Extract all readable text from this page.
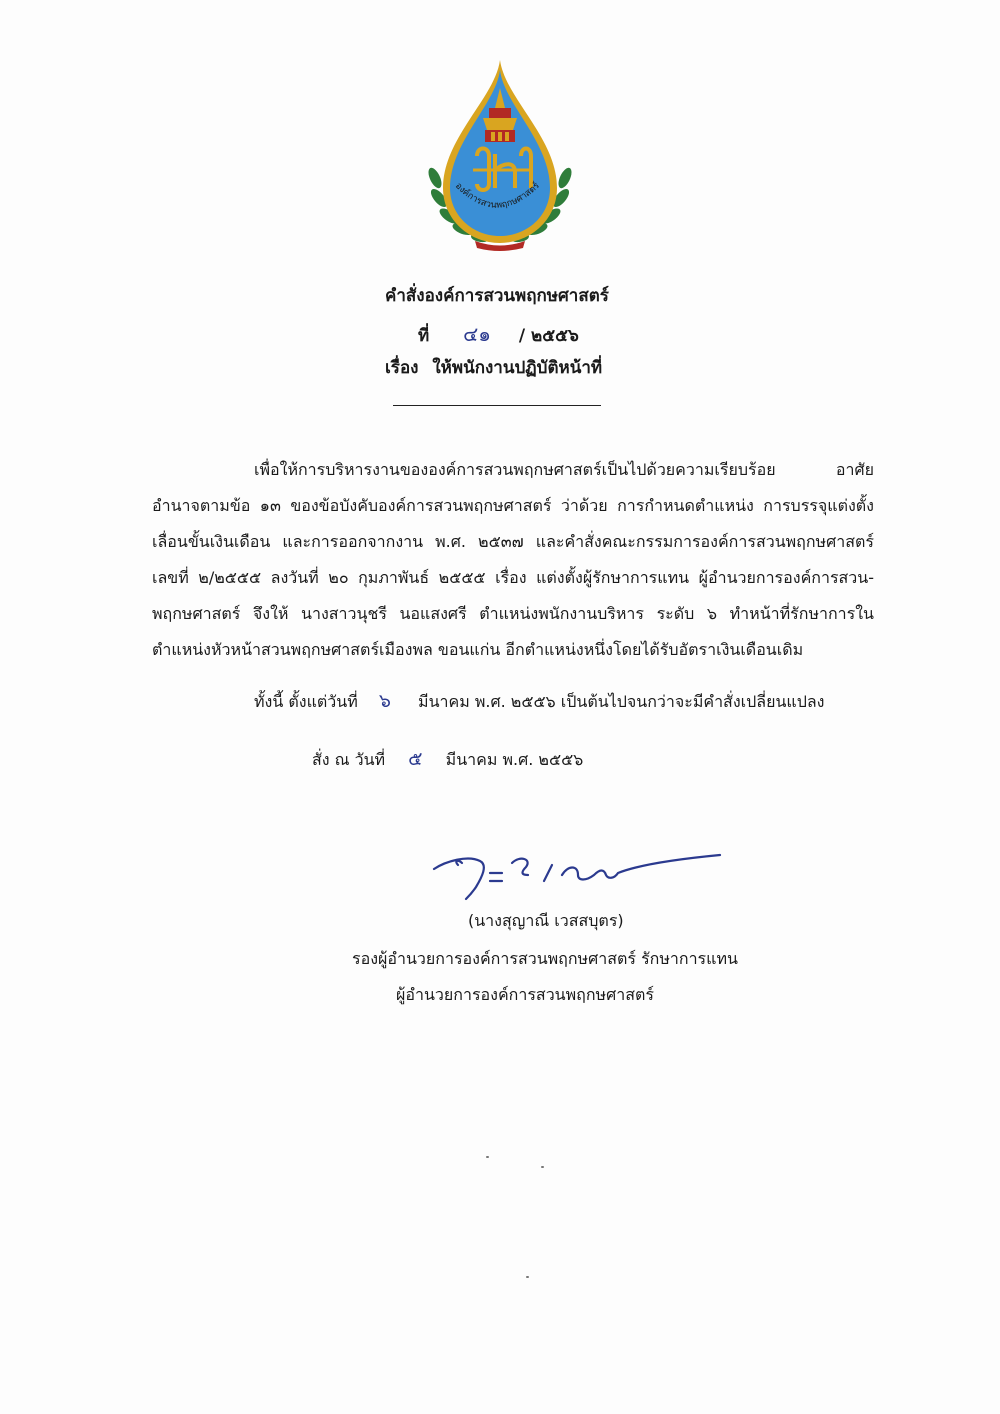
องค์การสวนพฤกษศาสตร์
คำสั่งองค์การสวนพฤกษศาสตร์
ที่ ๔๑ / ๒๕๕๖
เรื่อง ให้พนักงานปฏิบัติหน้าที่
เพื่อให้การบริหารงานขององค์การสวนพฤกษศาสตร์เป็นไปด้วยความเรียบร้อย อาศัย
อำนาจตามข้อ ๑๓ ของข้อบังคับองค์การสวนพฤกษศาสตร์ ว่าด้วย การกำหนดตำแหน่ง การบรรจุแต่งตั้ง
เลื่อนขั้นเงินเดือน และการออกจากงาน พ.ศ. ๒๕๓๗ และคำสั่งคณะกรรมการองค์การสวนพฤกษศาสตร์
เลขที่ ๒/๒๕๕๕ ลงวันที่ ๒๐ กุมภาพันธ์ ๒๕๕๕ เรื่อง แต่งตั้งผู้รักษาการแทน ผู้อำนวยการองค์การสวน-
พฤกษศาสตร์ จึงให้ นางสาวนุชรี นอแสงศรี ตำแหน่งพนักงานบริหาร ระดับ ๖ ทำหน้าที่รักษาการใน
ตำแหน่งหัวหน้าสวนพฤกษศาสตร์เมืองพล ขอนแก่น อีกตำแหน่งหนึ่งโดยได้รับอัตราเงินเดือนเดิม
ทั้งนี้ ตั้งแต่วันที่ ๖ มีนาคม พ.ศ. ๒๕๕๖ เป็นต้นไปจนกว่าจะมีคำสั่งเปลี่ยนแปลง
สั่ง ณ วันที่ ๕ มีนาคม พ.ศ. ๒๕๕๖
(นางสุญาณี เวสสบุตร)
รองผู้อำนวยการองค์การสวนพฤกษศาสตร์ รักษาการแทน
ผู้อำนวยการองค์การสวนพฤกษศาสตร์
